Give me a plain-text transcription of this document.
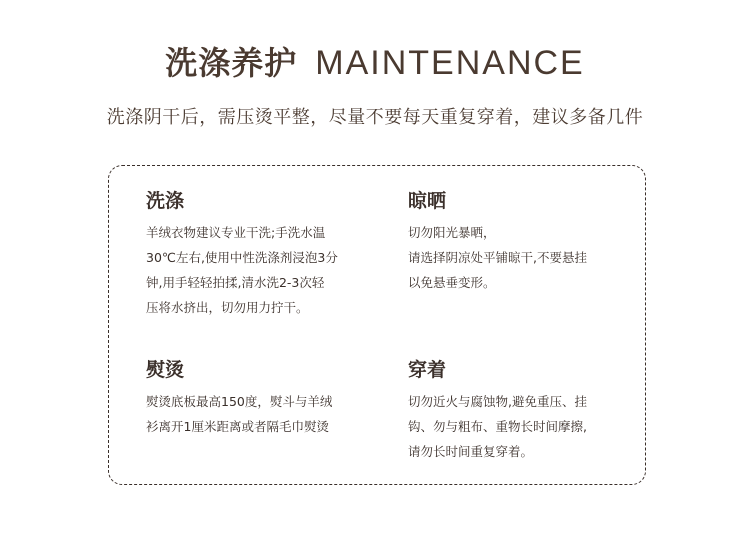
洗涤养护 MAINTENANCE
洗涤阴干后，需压烫平整，尽量不要每天重复穿着，建议多备几件
洗涤

羊绒衣物建议专业干洗;手洗水温

30℃左右,使用中性洗涤剂浸泡3分

钟,用手轻轻拍揉,清水洗2-3次轻

压将水挤出，切勿用力拧干。

晾晒

切勿阳光暴晒，

请选择阴凉处平铺晾干,不要悬挂

以免悬垂变形。

熨烫

熨烫底板最高150度，熨斗与羊绒

衫离开1厘米距离或者隔毛巾熨烫

穿着

切勿近火与腐蚀物,避免重压、挂

钩、勿与粗布、重物长时间摩擦,

请勿长时间重复穿着。
